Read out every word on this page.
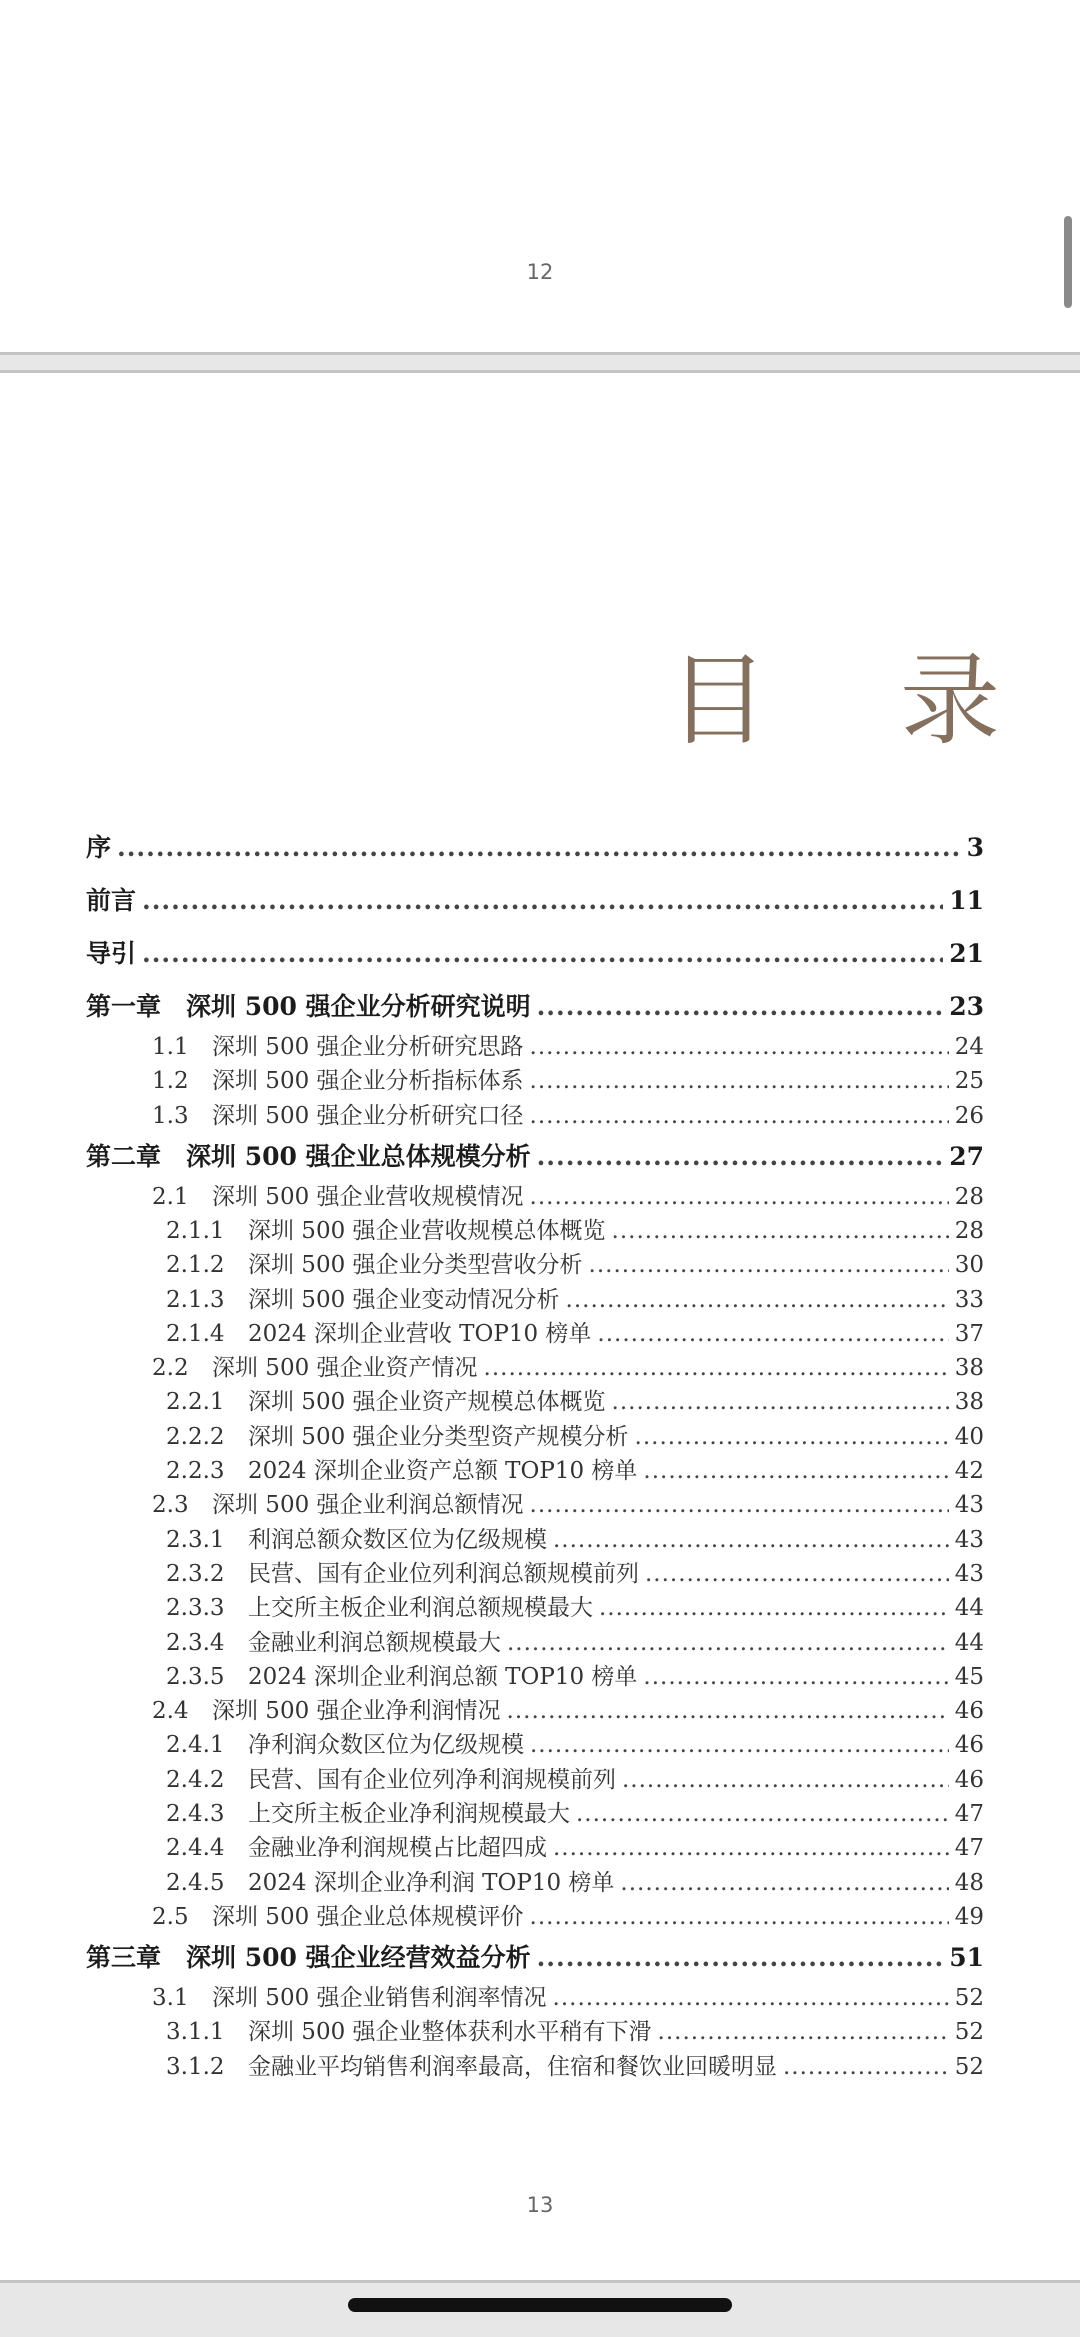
12
目 录
序 .....	3
前言 .....	11
导引 .....	21
第一章 深圳 500 强企业分析研究说明 .....	23
1.1 深圳 500 强企业分析研究思路 .....	24
1.2 深圳 500 强企业分析指标体系 .....	25
1.3 深圳 500 强企业分析研究口径 .....	26
第二章 深圳 500 强企业总体规模分析 .....	27
2.1 深圳 500 强企业营收规模情况 .....	28
2.1.1 深圳 500 强企业营收规模总体概览 .....	28
2.1.2 深圳 500 强企业分类型营收分析 .....	30
2.1.3 深圳 500 强企业变动情况分析 .....	33
2.1.4 2024 深圳企业营收 TOP10 榜单 .....	37
2.2 深圳 500 强企业资产情况 .....	38
2.2.1 深圳 500 强企业资产规模总体概览 .....	38
2.2.2 深圳 500 强企业分类型资产规模分析 .....	40
2.2.3 2024 深圳企业资产总额 TOP10 榜单 .....	42
2.3 深圳 500 强企业利润总额情况 .....	43
2.3.1 利润总额众数区位为亿级规模 .....	43
2.3.2 民营、国有企业位列利润总额规模前列 .....	43
2.3.3 上交所主板企业利润总额规模最大 .....	44
2.3.4 金融业利润总额规模最大 .....	44
2.3.5 2024 深圳企业利润总额 TOP10 榜单 .....	45
2.4 深圳 500 强企业净利润情况 .....	46
2.4.1 净利润众数区位为亿级规模 .....	46
2.4.2 民营、国有企业位列净利润规模前列 .....	46
2.4.3 上交所主板企业净利润规模最大 .....	47
2.4.4 金融业净利润规模占比超四成 .....	47
2.4.5 2024 深圳企业净利润 TOP10 榜单 .....	48
2.5 深圳 500 强企业总体规模评价 .....	49
第三章 深圳 500 强企业经营效益分析 .....	51
3.1 深圳 500 强企业销售利润率情况 .....	52
3.1.1 深圳 500 强企业整体获利水平稍有下滑 .....	52
3.1.2 金融业平均销售利润率最高，住宿和餐饮业回暖明显 .....	52
13
